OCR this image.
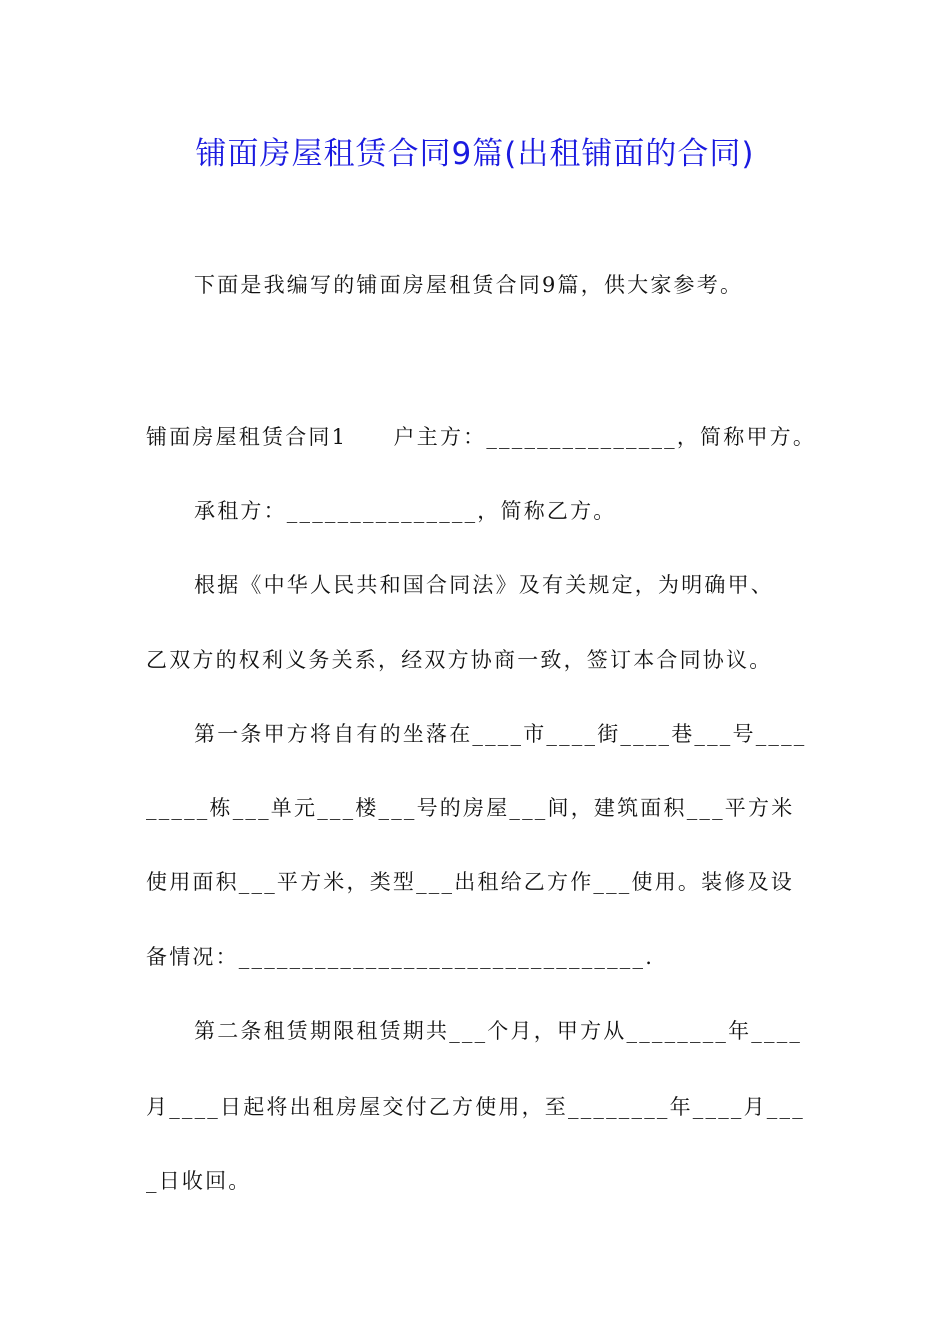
铺面房屋租赁合同9篇(出租铺面的合同)
下面是我编写的铺面房屋租赁合同9篇，供大家参考。
铺面房屋租赁合同1　　户主方：_______________，简称甲方。
承租方：_______________，简称乙方。
根据《中华人民共和国合同法》及有关规定，为明确甲、
乙双方的权利义务关系，经双方协商一致，签订本合同协议。
第一条甲方将自有的坐落在____市____街____巷___号____
_____栋___单元___楼___号的房屋___间，建筑面积___平方米
使用面积___平方米，类型___出租给乙方作___使用。装修及设
备情况：________________________________.
第二条租赁期限租赁期共___个月，甲方从________年____
月____日起将出租房屋交付乙方使用，至________年____月___
_日收回。
